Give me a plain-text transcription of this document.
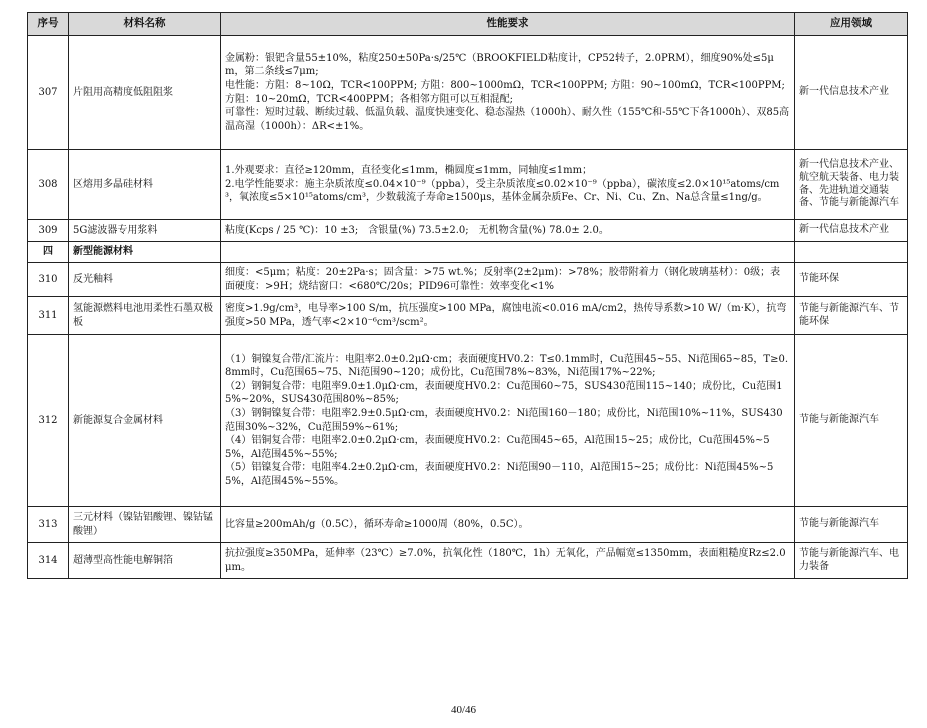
序号	材料名称	性能要求	应用领域
307	片阻用高精度低阻阻浆	金属粉：银钯含量55±10%，粘度250±50Pa·s/25℃（BROOKFIELD粘度计，CP52转子，2.0PRM），细度90%处≤5μm，第二条线≤7μm;
电性能：方阻：8~10Ω，TCR<100PPM; 方阻：800~1000mΩ，TCR<100PPM; 方阻：90~100mΩ，TCR<100PPM;
方阻：10~20mΩ，TCR<400PPM；各相邻方阻可以互相混配;
可靠性：短时过载、断续过载、低温负载、温度快速变化、稳态湿热（1000h）、耐久性（155℃和-55℃下各1000h）、双85高温高湿（1000h）：ΔR<±1%。	新一代信息技术产业
308	区熔用多晶硅材料	1.外观要求：直径≥120mm，直径变化≤1mm，椭圆度≤1mm，同轴度≤1mm；
2.电学性能要求：施主杂质浓度≤0.04×10⁻⁹（ppba），受主杂质浓度≤0.02×10⁻⁹（ppba），碳浓度≤2.0×10¹⁵atoms/cm³，氧浓度≤5×10¹⁵atoms/cm³，少数载流子寿命≥1500μs，基体金属杂质Fe、Cr、Ni、Cu、Zn、Na总含量≤1ng/g。	新一代信息技术产业、航空航天装备、电力装备、先进轨道交通装备、节能与新能源汽车
309	5G滤波器专用浆料	粘度(Kcps / 25 ℃)：10 ±3;　含银量(%) 73.5±2.0;　无机物含量(%) 78.0± 2.0。	新一代信息技术产业
四	新型能源材料		
310	反光釉料	细度：<5μm；粘度：20±2Pa·s；固含量：>75 wt.%；反射率(2±2μm)：>78%；胶带附着力（钢化玻璃基材）：0级；表面硬度：>9H；烧结窗口：<680℃/20s；PID96可靠性：效率变化<1%	节能环保
311	氢能源燃料电池用柔性石墨双极板	密度>1.9g/cm³，电导率>100 S/m，抗压强度>100 MPa，腐蚀电流<0.016 mA/cm2，热传导系数>10 W/（m·K），抗弯强度>50 MPa，透气率<2×10⁻⁶cm³/scm²。	节能与新能源汽车、节能环保
312	新能源复合金属材料	（1）铜镍复合带/汇流片：电阻率2.0±0.2μΩ·cm；表面硬度HV0.2：T≤0.1mm时，Cu范围45~55、Ni范围65~85，T≥0.8mm时，Cu范围65~75、Ni范围90~120；成份比，Cu范围78%~83%，Ni范围17%~22%;
（2）钢铜复合带：电阻率9.0±1.0μΩ·cm，表面硬度HV0.2：Cu范围60~75，SUS430范围115~140；成份比，Cu范围15%~20%，SUS430范围80%~85%;
（3）钢铜镍复合带：电阻率2.9±0.5μΩ·cm，表面硬度HV0.2：Ni范围160－180；成份比，Ni范围10%~11%，SUS430范围30%~32%，Cu范围59%~61%;
（4）铝铜复合带：电阻率2.0±0.2μΩ·cm，表面硬度HV0.2：Cu范围45~65，Al范围15~25；成份比，Cu范围45%~55%，Al范围45%~55%;
（5）铝镍复合带：电阻率4.2±0.2μΩ·cm，表面硬度HV0.2：Ni范围90－110，Al范围15~25；成份比：Ni范围45%~55%，Al范围45%~55%。	节能与新能源汽车
313	三元材料（镍钴铝酸锂、镍钴锰酸锂）	比容量≥200mAh/g（0.5C），循环寿命≥1000周（80%，0.5C）。	节能与新能源汽车
314	超薄型高性能电解铜箔	抗拉强度≥350MPa，延伸率（23℃）≥7.0%，抗氧化性（180℃，1h）无氧化，产品幅宽≤1350mm，表面粗糙度Rz≤2.0μm。	节能与新能源汽车、电力装备
40/46
